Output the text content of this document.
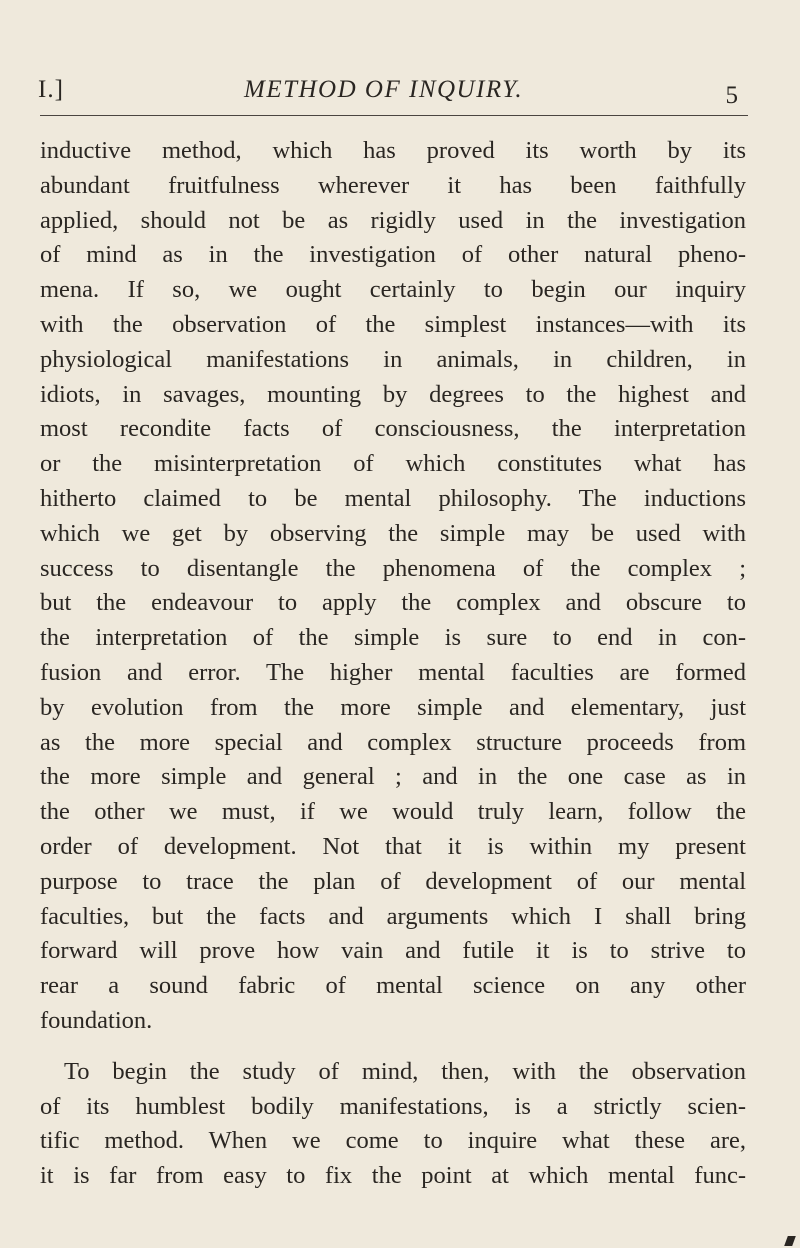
I.]	METHOD OF INQUIRY.	5
inductive method, which has proved its worth by its
abundant fruitfulness wherever it has been faithfully
applied, should not be as rigidly used in the investigation
of mind as in the investigation of other natural pheno-
mena. If so, we ought certainly to begin our inquiry
with the observation of the simplest instances—with its
physiological manifestations in animals, in children, in
idiots, in savages, mounting by degrees to the highest and
most recondite facts of consciousness, the interpretation
or the misinterpretation of which constitutes what has
hitherto claimed to be mental philosophy. The inductions
which we get by observing the simple may be used with
success to disentangle the phenomena of the complex ;
but the endeavour to apply the complex and obscure to
the interpretation of the simple is sure to end in con-
fusion and error. The higher mental faculties are formed
by evolution from the more simple and elementary, just
as the more special and complex structure proceeds from
the more simple and general ; and in the one case as in
the other we must, if we would truly learn, follow the
order of development. Not that it is within my present
purpose to trace the plan of development of our mental
faculties, but the facts and arguments which I shall bring
forward will prove how vain and futile it is to strive to
rear a sound fabric of mental science on any other
foundation.
To begin the study of mind, then, with the observation
of its humblest bodily manifestations, is a strictly scien-
tific method. When we come to inquire what these are,
it is far from easy to fix the point at which mental func-
